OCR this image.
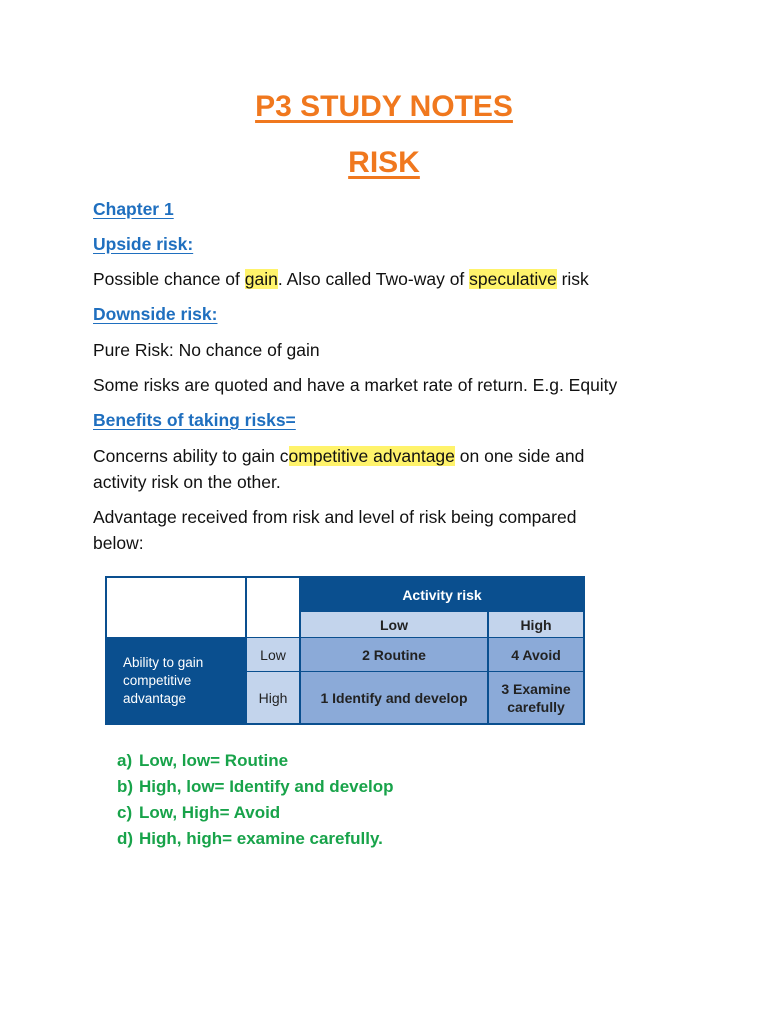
P3 STUDY NOTES
RISK
Chapter 1
Upside risk:
Possible chance of gain. Also called Two-way of speculative risk
Downside risk:
Pure Risk: No chance of gain
Some risks are quoted and have a market rate of return. E.g. Equity
Benefits of taking risks=
Concerns ability to gain competitive advantage on one side and
activity risk on the other.
Advantage received from risk and level of risk being compared
below:
Activity risk
Low	High
Ability to gain
competitive
advantage
Low
High
2 Routine	4 Avoid
1 Identify and develop
3 Examine
carefully
a) Low, low= Routine
b) High, low= Identify and develop
c) Low, High= Avoid
d) High, high= examine carefully.
